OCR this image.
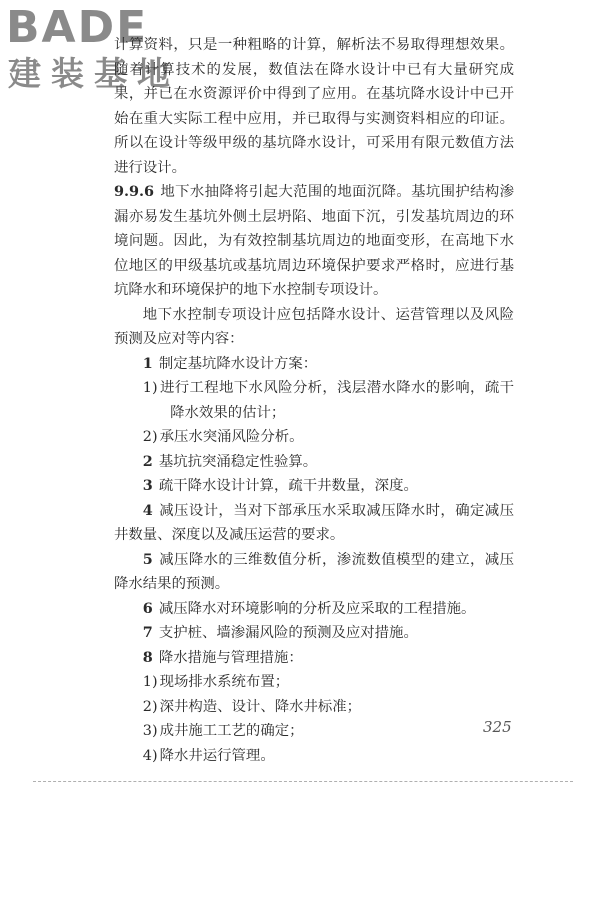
BADE
建装基地

计算资料，只是一种粗略的计算，解析法不易取得理想效果。随着计算技术的发展，数值法在降水设计中已有大量研究成果，并已在水资源评价中得到了应用。在基坑降水设计中已开始在重大实际工程中应用，并已取得与实测资料相应的印证。所以在设计等级甲级的基坑降水设计，可采用有限元数值方法进行设计。

9.9.6 地下水抽降将引起大范围的地面沉降。基坑围护结构渗漏亦易发生基坑外侧土层坍陷、地面下沉，引发基坑周边的环境问题。因此，为有效控制基坑周边的地面变形，在高地下水位地区的甲级基坑或基坑周边环境保护要求严格时，应进行基坑降水和环境保护的地下水控制专项设计。

地下水控制专项设计应包括降水设计、运营管理以及风险预测及应对等内容：

1 制定基坑降水设计方案：

1) 进行工程地下水风险分析，浅层潜水降水的影响，疏干降水效果的估计；

2) 承压水突涌风险分析。

2 基坑抗突涌稳定性验算。

3 疏干降水设计计算，疏干井数量，深度。

4 减压设计，当对下部承压水采取减压降水时，确定减压井数量、深度以及减压运营的要求。

5 减压降水的三维数值分析，渗流数值模型的建立，减压降水结果的预测。

6 减压降水对环境影响的分析及应采取的工程措施。

7 支护桩、墙渗漏风险的预测及应对措施。

8 降水措施与管理措施：

1) 现场排水系统布置；

2) 深井构造、设计、降水井标准；

3) 成井施工工艺的确定；

4) 降水井运行管理。

325
